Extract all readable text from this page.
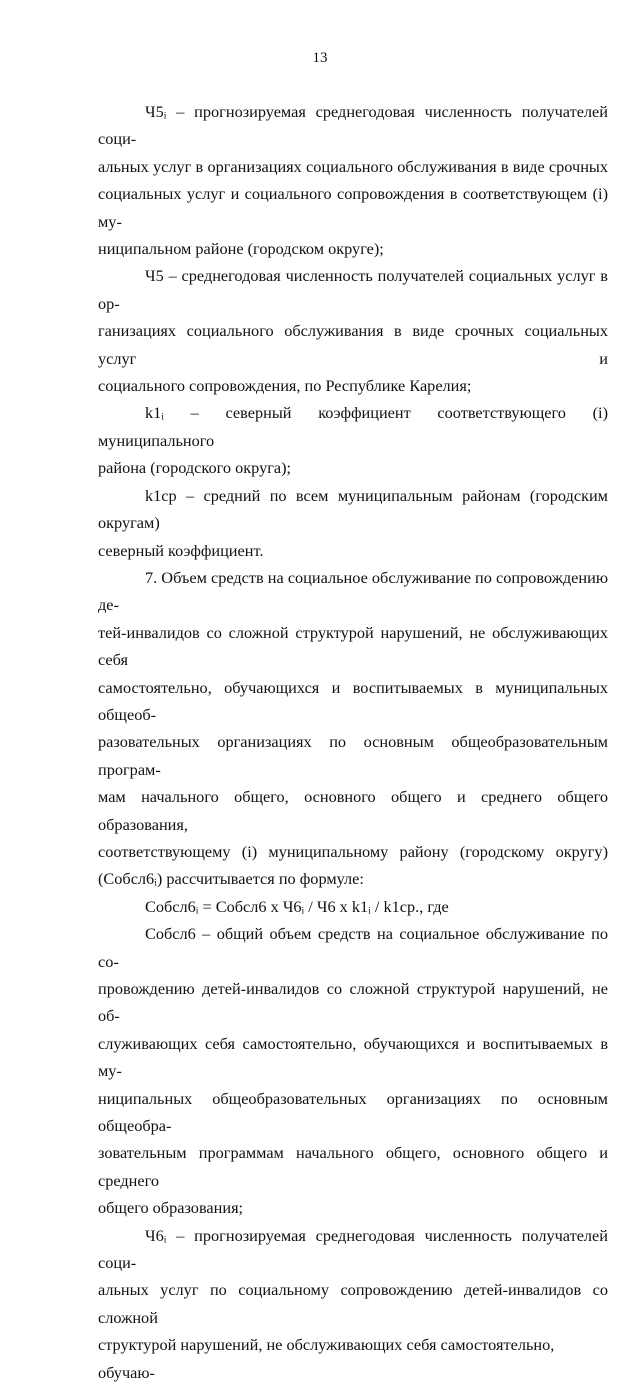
13
Ч5ᵢ – прогнозируемая среднегодовая численность получателей соци-
альных услуг в организациях социального обслуживания в виде срочных
социальных услуг и социального сопровождения в соответствующем (i) му-
ниципальном районе (городском округе);
Ч5 – среднегодовая численность получателей социальных услуг в ор-
ганизациях социального обслуживания в виде срочных социальных услуг и
социального сопровождения, по Республике Карелия;
k1ᵢ – северный коэффициент соответствующего (i) муниципального
района (городского округа);
k1ср – средний по всем муниципальным районам (городским округам)
северный коэффициент.
7. Объем средств на социальное обслуживание по сопровождению де-
тей-инвалидов со сложной структурой нарушений, не обслуживающих себя
самостоятельно, обучающихся и воспитываемых в муниципальных общеоб-
разовательных организациях по основным общеобразовательным програм-
мам начального общего, основного общего и среднего общего образования,
соответствующему (i) муниципальному району (городскому округу)
(Собсл6ᵢ) рассчитывается по формуле:
Собсл6ᵢ = Собсл6 х Ч6ᵢ / Ч6 х k1ᵢ / k1ср., где
Собсл6 – общий объем средств на социальное обслуживание по со-
провождению детей-инвалидов со сложной структурой нарушений, не об-
служивающих себя самостоятельно, обучающихся и воспитываемых в му-
ниципальных общеобразовательных организациях по основным общеобра-
зовательным программам начального общего, основного общего и среднего
общего образования;
Ч6ᵢ – прогнозируемая среднегодовая численность получателей соци-
альных услуг по социальному сопровождению детей-инвалидов со сложной
структурой нарушений, не обслуживающих себя самостоятельно, обучаю-
